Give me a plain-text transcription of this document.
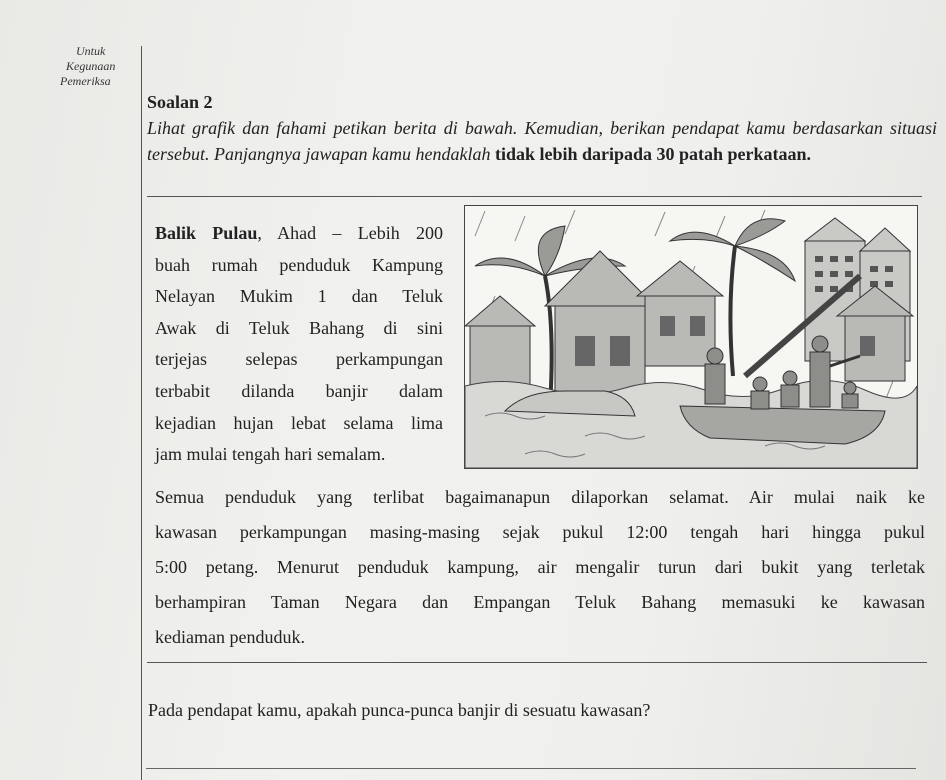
Untuk
Kegunaan
Pemeriksa
Soalan 2
Lihat grafik dan fahami petikan berita di bawah. Kemudian, berikan pendapat kamu berdasarkan situasi tersebut. Panjangnya jawapan kamu hendaklah tidak lebih daripada 30 patah perkataan.
Balik Pulau, Ahad – Lebih 200
buah rumah penduduk Kampung
Nelayan Mukim 1 dan Teluk
Awak di Teluk Bahang di sini
terjejas selepas perkampungan
terbabit dilanda banjir dalam
kejadian hujan lebat selama lima
jam mulai tengah hari semalam.
Semua penduduk yang terlibat bagaimanapun dilaporkan selamat. Air mulai naik ke
kawasan perkampungan masing-masing sejak pukul 12:00 tengah hari hingga pukul
5:00 petang. Menurut penduduk kampung, air mengalir turun dari bukit yang terletak
berhampiran Taman Negara dan Empangan Teluk Bahang memasuki ke kawasan
kediaman penduduk.
Pada pendapat kamu, apakah punca-punca banjir di sesuatu kawasan?
